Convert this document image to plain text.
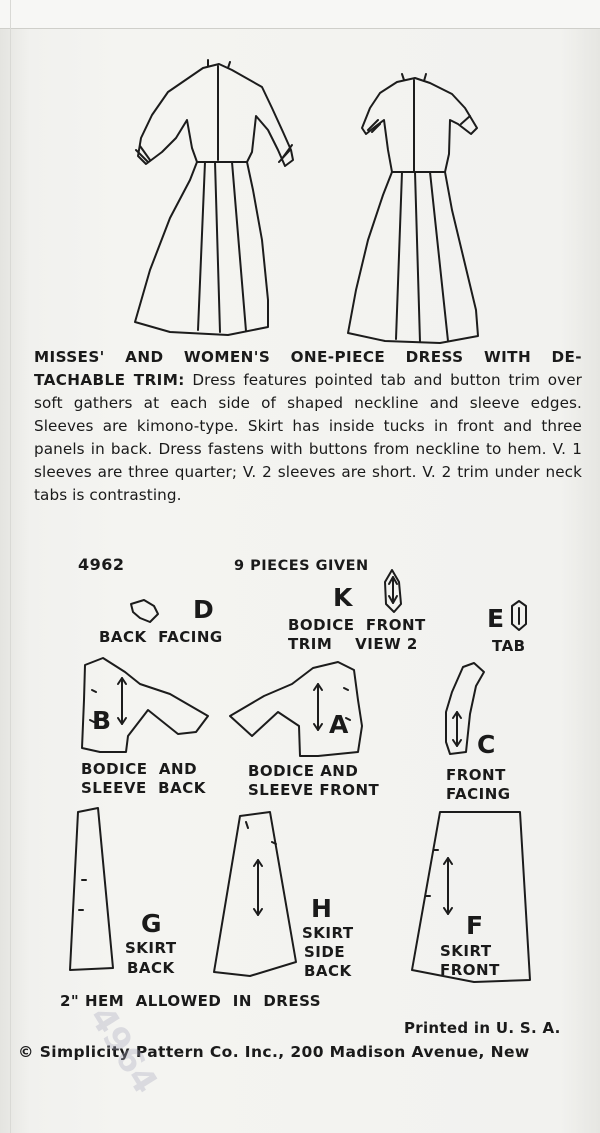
MISSES' AND WOMEN'S ONE-PIECE DRESS WITH DE-TACHABLE TRIM: Dress features pointed tab and button trim over soft gathers at each side of shaped neckline and sleeve edges. Sleeves are kimono-type. Skirt has inside tucks in front and three panels in back. Dress fastens with buttons from neckline to hem. V. 1 sleeves are three quarter; V. 2 sleeves are short. V. 2 trim under neck tabs is contrasting.

4962	9 PIECES GIVEN
D
BACK  FACING
K
BODICE  FRONT
TRIM    VIEW 2
E
TAB
B
BODICE  AND
SLEEVE  BACK
A
BODICE AND
SLEEVE FRONT
C
FRONT
FACING
G
SKIRT
BACK
H
SKIRT
SIDE
BACK
F
SKIRT
FRONT
2" HEM  ALLOWED  IN  DRESS
Printed in U. S. A.
© Simplicity Pattern Co. Inc., 200 Madison Avenue, New
4964
